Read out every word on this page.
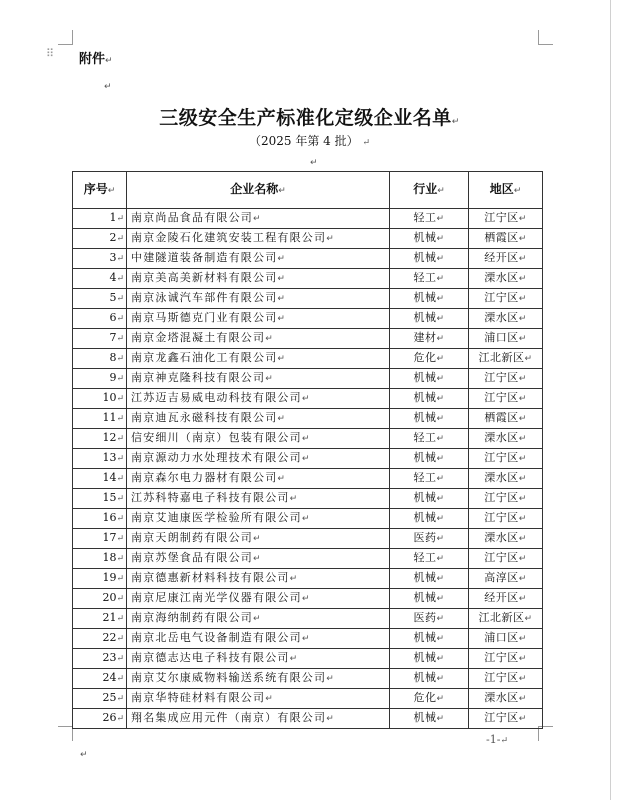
⠿ 附件↵
↵
三级安全生产标准化定级企业名单↵
（2025 年第 4 批） ↵
↵
序号↵	企业名称↵	行业↵	地区↵
1↵	南京尚品食品有限公司↵	轻工↵	江宁区↵
2↵	南京金陵石化建筑安装工程有限公司↵	机械↵	栖霞区↵
3↵	中建隧道装备制造有限公司↵	机械↵	经开区↵
4↵	南京美高美新材料有限公司↵	轻工↵	溧水区↵
5↵	南京泳诚汽车部件有限公司↵	机械↵	江宁区↵
6↵	南京马斯德克门业有限公司↵	机械↵	溧水区↵
7↵	南京金塔混凝土有限公司↵	建材↵	浦口区↵
8↵	南京龙鑫石油化工有限公司↵	危化↵	江北新区↵
9↵	南京神克隆科技有限公司↵	机械↵	江宁区↵
10↵	江苏迈吉易威电动科技有限公司↵	机械↵	江宁区↵
11↵	南京迪瓦永磁科技有限公司↵	机械↵	栖霞区↵
12↵	信安细川（南京）包装有限公司↵	轻工↵	溧水区↵
13↵	南京源动力水处理技术有限公司↵	机械↵	江宁区↵
14↵	南京森尔电力器材有限公司↵	轻工↵	溧水区↵
15↵	江苏科特嘉电子科技有限公司↵	机械↵	江宁区↵
16↵	南京艾迪康医学检验所有限公司↵	机械↵	江宁区↵
17↵	南京天朗制药有限公司↵	医药↵	溧水区↵
18↵	南京苏堡食品有限公司↵	轻工↵	江宁区↵
19↵	南京德惠新材料科技有限公司↵	机械↵	高淳区↵
20↵	南京尼康江南光学仪器有限公司↵	机械↵	经开区↵
21↵	南京海纳制药有限公司↵	医药↵	江北新区↵
22↵	南京北岳电气设备制造有限公司↵	机械↵	浦口区↵
23↵	南京德志达电子科技有限公司↵	机械↵	江宁区↵
24↵	南京艾尔康威物料输送系统有限公司↵	机械↵	江宁区↵
25↵	南京华特硅材料有限公司↵	危化↵	溧水区↵
26↵	翔名集成应用元件（南京）有限公司↵	机械↵	江宁区↵
-1-↵
↵
